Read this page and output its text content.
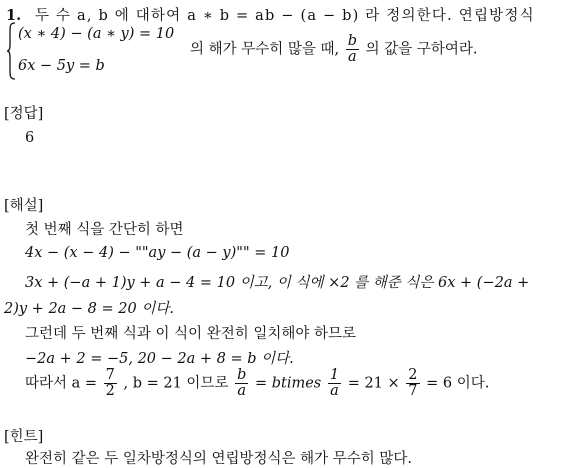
1. 두 수 a, b 에 대하여 a ∗ b = ab − (a − b) 라 정의한다. 연립방정식
(x ∗ 4) − (a ∗ y) = 10
6x − 5y = b
의 해가 무수히 많을 때, $\frac{b}{a}$ 의 값을 구하여라.
[정답]
6
[해설]
첫 번째 식을 간단히 하면
4x − (x − 4) − ""ay − (a − y)"" = 10
3x + (−a + 1)y + a − 4 = 10 이고, 이 식에 ×2 를 해준 식은 6x + (−2a +
2)y + 2a − 8 = 20 이다.
그런데 두 번째 식과 이 식이 완전히 일치해야 하므로
−2a + 2 = −5, 20 − 2a + 8 = b 이다.
따라서 $a = \frac{7}{2}$ , b = 21 이므로 $\frac{b}{a}$ = btimes $\frac{1}{a} = 21 \times \frac{2}{7} = 6$ 이다.
[힌트]
완전히 같은 두 일차방정식의 연립방정식은 해가 무수히 많다.
